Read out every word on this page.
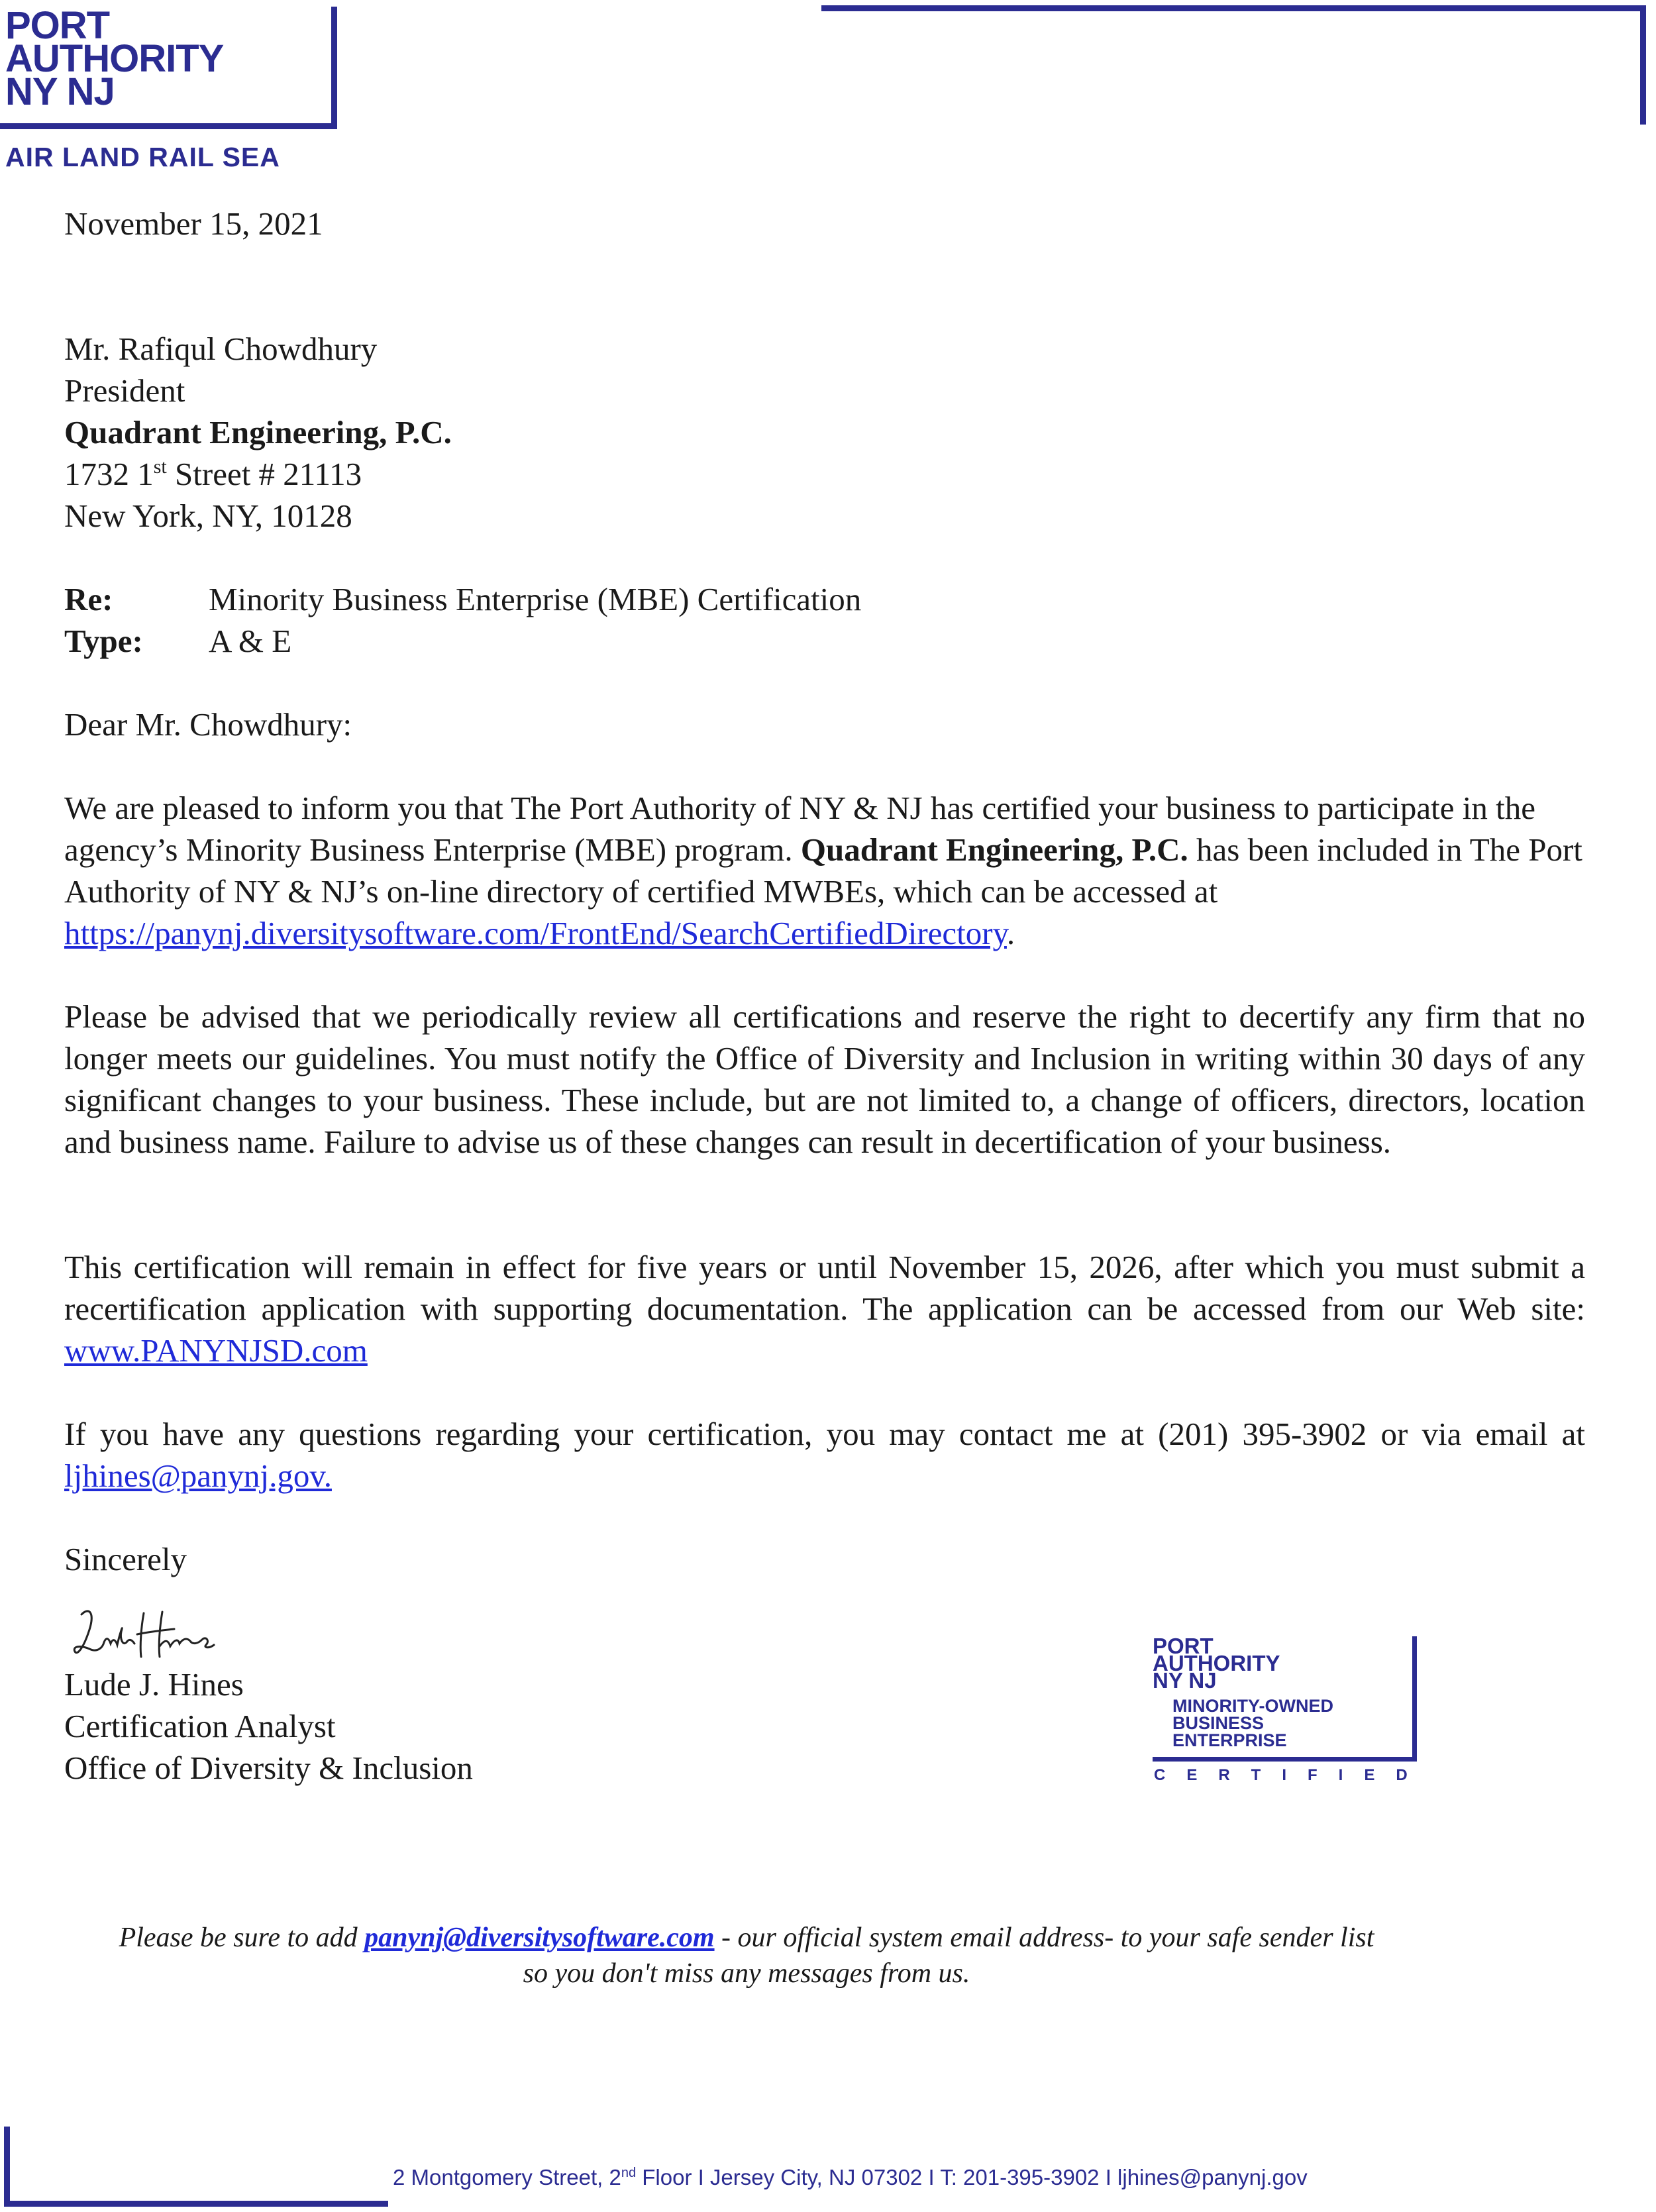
PORT
AUTHORITY
NY NJ
AIR LAND RAIL SEA
November 15, 2021
Mr. Rafiqul Chowdhury
President
Quadrant Engineering, P.C.
1732 1st Street # 21113
New York, NY, 10128
Re:	Minority Business Enterprise (MBE) Certification
Type: A & E
Dear Mr. Chowdhury:
We are pleased to inform you that The Port Authority of NY & NJ has certified your business to participate in the agency’s Minority Business Enterprise (MBE) program. Quadrant Engineering, P.C. has been included in The Port Authority of NY & NJ’s on-line directory of certified MWBEs, which can be accessed at https://panynj.diversitysoftware.com/FrontEnd/SearchCertifiedDirectory.
Please be advised that we periodically review all certifications and reserve the right to decertify any firm that no longer meets our guidelines. You must notify the Office of Diversity and Inclusion in writing within 30 days of any significant changes to your business. These include, but are not limited to, a change of officers, directors, location and business name. Failure to advise us of these changes can result in decertification of your business.
This certification will remain in effect for five years or until November 15, 2026, after which you must submit a recertification application with supporting documentation. The application can be accessed from our Web site: www.PANYNJSD.com
If you have any questions regarding your certification, you may contact me at (201) 395-3902 or via email at ljhines@panynj.gov.
Sincerely
Lude J. Hines
Certification Analyst
Office of Diversity & Inclusion
PORT
AUTHORITY
NY NJ
MINORITY-OWNED
BUSINESS
ENTERPRISE
CERTIFIED
Please be sure to add panynj@diversitysoftware.com - our official system email address- to your safe sender list
so you don't miss any messages from us.
2 Montgomery Street, 2nd Floor I Jersey City, NJ 07302 I T: 201-395-3902 I ljhines@panynj.gov
